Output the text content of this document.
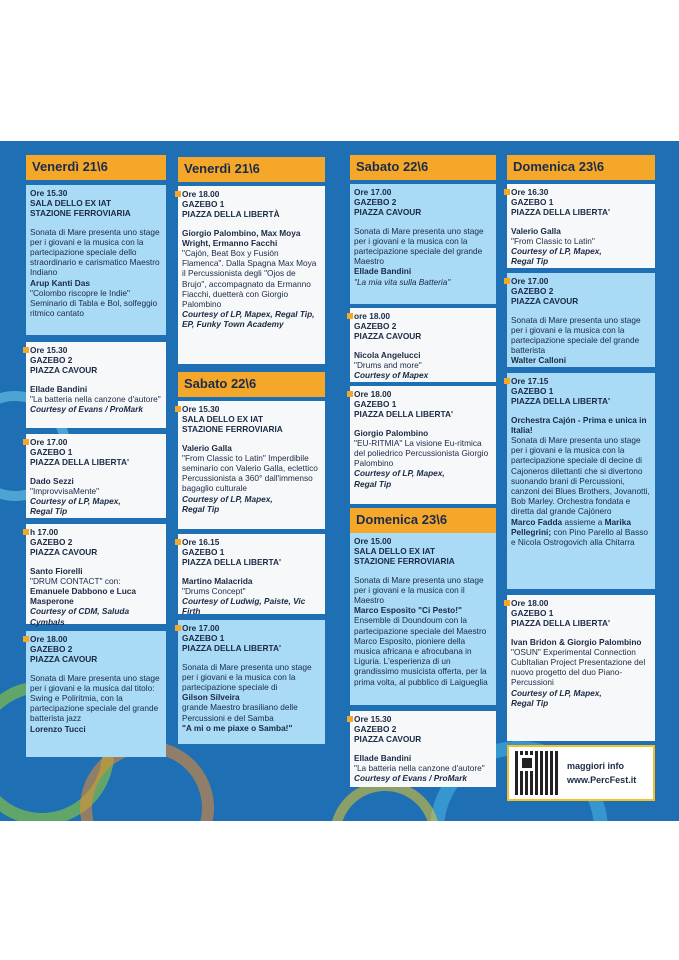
Venerdì 21\6
Ore 15.30
SALA DELLO EX IAT
STAZIONE FERROVIARIA
Sonata di Mare presenta uno stage per i giovani e la musica con la partecipazione speciale dello straordinario e carismatico Maestro Indiano
Arup Kanti Das
"Colombo riscopre le Indie" Seminario di Tabla e Bol, solfeggio ritmico cantato
Ore 15.30
GAZEBO 2
PIAZZA CAVOUR
Ellade Bandini
"La batteria nella canzone d'autore"
Courtesy of Evans / ProMark
Ore 17.00
GAZEBO 1
PIAZZA DELLA LIBERTA'
Dado Sezzi
"ImprovvisaMente"
Courtesy of LP, Mapex,
Regal Tip
h 17.00
GAZEBO 2
PIAZZA CAVOUR
Santo Fiorelli
"DRUM CONTACT" con:
Emanuele Dabbono e Luca Masperone
Courtesy of CDM, Saluda Cymbals
Ore 18.00
GAZEBO 2
PIAZZA CAVOUR
Sonata di Mare presenta uno stage per i giovani e la musica dal titolo: Swing e Poliritmia, con la partecipazione speciale del grande batterista jazz
Lorenzo Tucci
Venerdì 21\6
Ore 18.00
GAZEBO 1
PIAZZA DELLA LIBERTÀ
Giorgio Palombino, Max Moya Wright, Ermanno Facchi
"Cajón, Beat Box y Fusión Flamenca". Dalla Spagna Max Moya il Percussionista degli "Ojos de Brujo", accompagnato da Ermanno Fiacchi, duetterà con Giorgio Palombino
Courtesy of LP, Mapex, Regal Tip, EP, Funky Town Academy
Sabato 22\6
Ore 15.30
SALA DELLO EX IAT
STAZIONE FERROVIARIA
Valerio Galla
"From Classic to Latin" Imperdibile seminario con Valerio Galla, eclettico Percussionista a 360° dall'immenso bagaglio culturale
Courtesy of LP, Mapex,
Regal Tip
Ore 16.15
GAZEBO 1
PIAZZA DELLA LIBERTA'
Martino Malacrida
"Drums Concept"
Courtesy of Ludwig, Paiste, Vic Firth
Ore 17.00
GAZEBO 1
PIAZZA DELLA LIBERTA'
Sonata di Mare presenta uno stage per i giovani e la musica con la partecipazione speciale di
Gilson Silveira
grande Maestro brasiliano delle Percussioni e del Samba
"A mi o me piaxe o Samba!"
Sabato 22\6
Ore 17.00
GAZEBO 2
PIAZZA CAVOUR
Sonata di Mare presenta uno stage per i giovani e la musica con la partecipazione speciale del grande Maestro
Ellade Bandini
"La mia vita sulla Batteria"
ore 18.00
GAZEBO 2
PIAZZA CAVOUR
Nicola Angelucci
"Drums and more"
Courtesy of Mapex
Ore 18.00
GAZEBO 1
PIAZZA DELLA LIBERTA'
Giorgio Palombino
"EU-RITMIA" La visione Eu-ritmica del poliedrico Percussionista Giorgio Palombino
Courtesy of LP, Mapex,
Regal Tip
Domenica 23\6
Ore 15.00
SALA DELLO EX IAT
STAZIONE FERROVIARIA
Sonata di Mare presenta uno stage per i giovani e la musica con il Maestro
Marco Esposito "Ci Pesto!"
Ensemble di Doundoum con la partecipazione speciale del Maestro Marco Esposito, pioniere della musica africana e afrocubana in Liguria. L'esperienza di un grandissimo musicista offerta, per la prima volta, al pubblico di Laigueglia
Ore 15.30
GAZEBO 2
PIAZZA CAVOUR
Ellade Bandini
"La batteria nella canzone d'autore"
Courtesy of Evans / ProMark
Domenica 23\6
Ore 16.30
GAZEBO 1
PIAZZA DELLA LIBERTA'
Valerio Galla
"From Classic to Latin"
Courtesy of LP, Mapex,
Regal Tip
Ore 17.00
GAZEBO 2
PIAZZA CAVOUR
Sonata di Mare presenta uno stage per i giovani e la musica con la partecipazione speciale del grande batterista
Walter Calloni
Ore 17.15
GAZEBO 1
PIAZZA DELLA LIBERTA'
Orchestra Cajón - Prima e unica in Italia!
Sonata di Mare presenta uno stage per i giovani e la musica con la partecipazione speciale di decine di Cajoneros dilettanti che si divertono suonando brani di Percussioni, canzoni dei Blues Brothers, Jovanotti, Bob Marley. Orchestra fondata e diretta dal grande Cajónero
Marco Fadda assieme a Marika Pellegrini; con Pino Parello al Basso e Nicola Ostrogovich alla Chitarra
Ore 18.00
GAZEBO 1
PIAZZA DELLA LIBERTA'
Ivan Bridon & Giorgio Palombino
"OSUN" Experimental Connection CubItalian Project Presentazione del nuovo progetto del duo Piano-Percussioni
Courtesy of LP, Mapex,
Regal Tip
maggiori info
www.PercFest.it
